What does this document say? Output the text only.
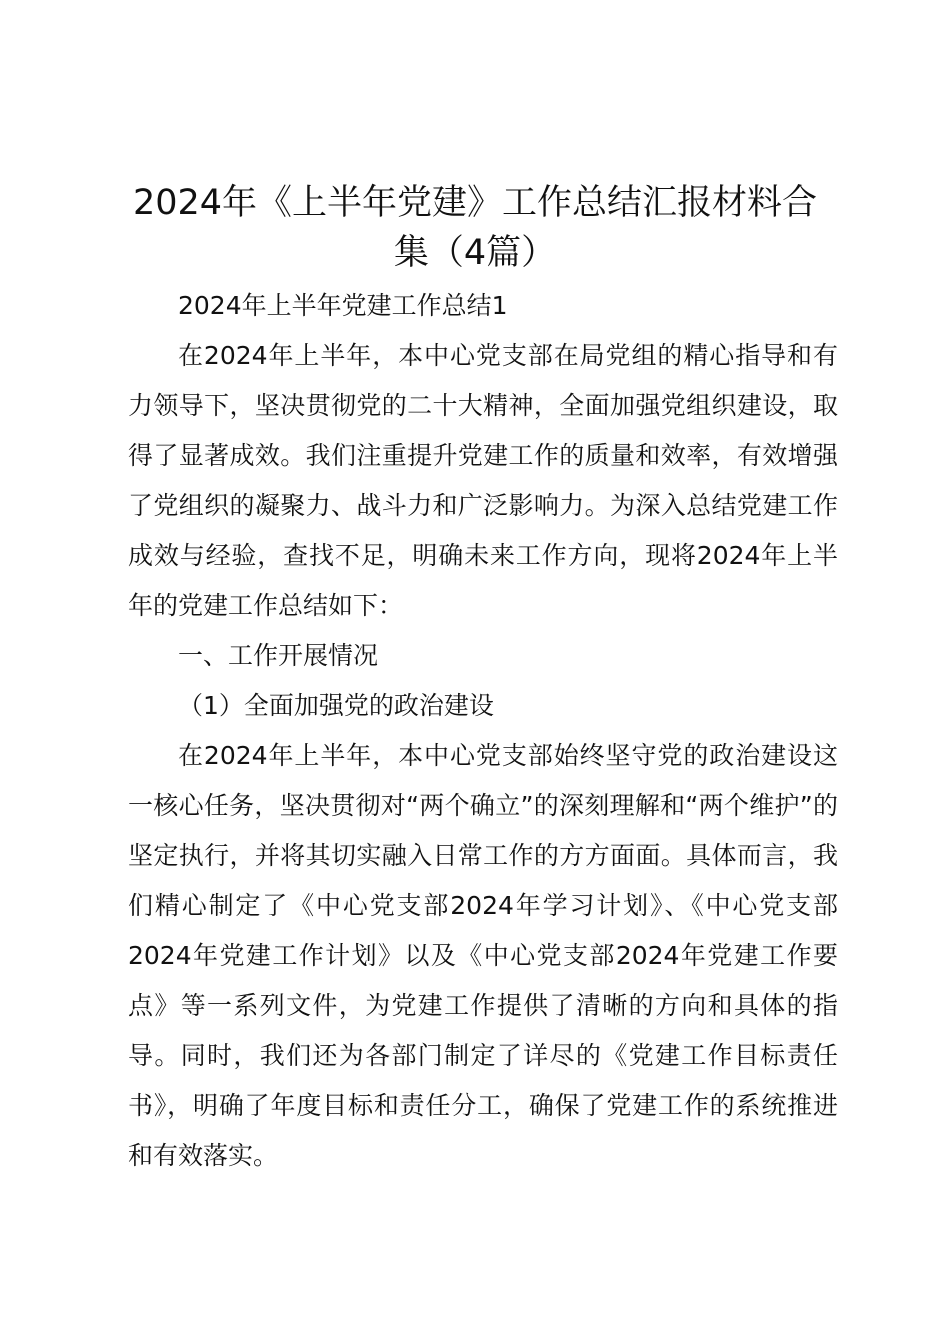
2024年《上半年党建》工作总结汇报材料合集（4篇）

2024年上半年党建工作总结1

在2024年上半年，本中心党支部在局党组的精心指导和有力领导下，坚决贯彻党的二十大精神，全面加强党组织建设，取得了显著成效。我们注重提升党建工作的质量和效率，有效增强了党组织的凝聚力、战斗力和广泛影响力。为深入总结党建工作成效与经验，查找不足，明确未来工作方向，现将2024年上半年的党建工作总结如下：

一、工作开展情况

（1）全面加强党的政治建设

在2024年上半年，本中心党支部始终坚守党的政治建设这一核心任务，坚决贯彻对“两个确立”的深刻理解和“两个维护”的坚定执行，并将其切实融入日常工作的方方面面。具体而言，我们精心制定了《中心党支部2024年学习计划》、《中心党支部2024年党建工作计划》以及《中心党支部2024年党建工作要点》等一系列文件，为党建工作提供了清晰的方向和具体的指导。同时，我们还为各部门制定了详尽的《党建工作目标责任书》，明确了年度目标和责任分工，确保了党建工作的系统推进和有效落实。
